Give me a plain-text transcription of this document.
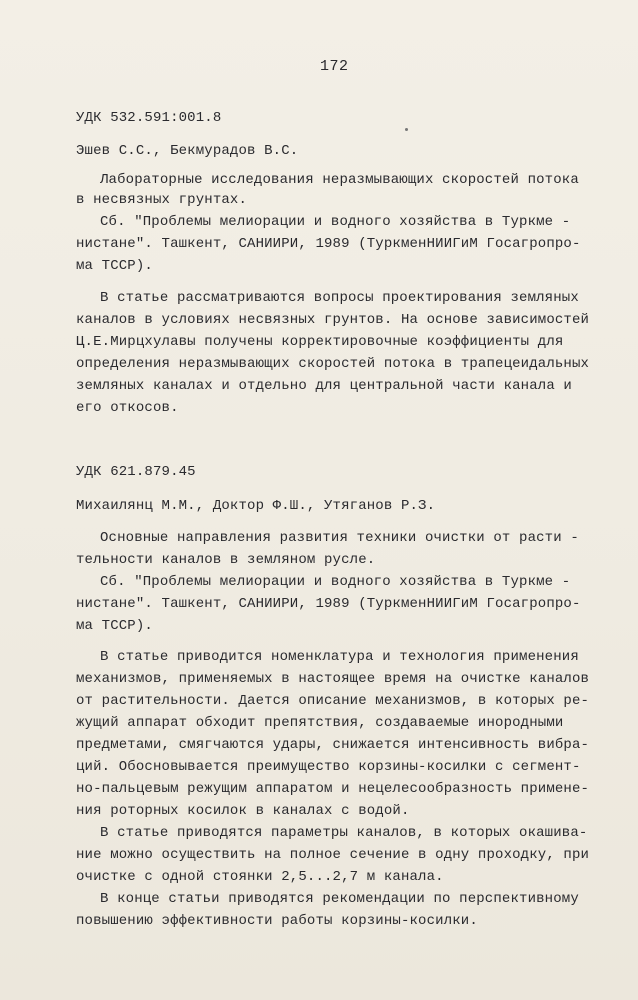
172
УДК 532.591:001.8
Эшев С.С., Бекмурадов В.С.
Лабораторные исследования неразмывающих скоростей потока
в несвязных грунтах.
Сб. "Проблемы мелиорации и водного хозяйства в Туркме -
нистане". Ташкент, САНИИРИ, 1989 (ТуркменНИИГиМ Госагропро-
ма ТССР).
В статье рассматриваются вопросы проектирования земляных
каналов в условиях несвязных грунтов. На основе зависимостей
Ц.Е.Мирцхулавы получены корректировочные коэффициенты для
определения неразмывающих скоростей потока в трапецеидальных
земляных каналах и отдельно для центральной части канала и
его откосов.
УДК 621.879.45
Михаилянц М.М., Доктор Ф.Ш., Утяганов Р.З.
Основные направления развития техники очистки от расти -
тельности каналов в земляном русле.
Сб. "Проблемы мелиорации и водного хозяйства в Туркме -
нистане". Ташкент, САНИИРИ, 1989 (ТуркменНИИГиМ Госагропро-
ма ТССР).
В статье приводится номенклатура и технология применения
механизмов, применяемых в настоящее время на очистке каналов
от растительности. Дается описание механизмов, в которых ре-
жущий аппарат обходит препятствия, создаваемые инородными
предметами, смягчаются удары, снижается интенсивность вибра-
ций. Обосновывается преимущество корзины-косилки с сегмент-
но-пальцевым режущим аппаратом и нецелесообразность примене-
ния роторных косилок в каналах с водой.
В статье приводятся параметры каналов, в которых окашива-
ние можно осуществить на полное сечение в одну проходку, при
очистке с одной стоянки 2,5...2,7 м канала.
В конце статьи приводятся рекомендации по перспективному
повышению эффективности работы корзины-косилки.
